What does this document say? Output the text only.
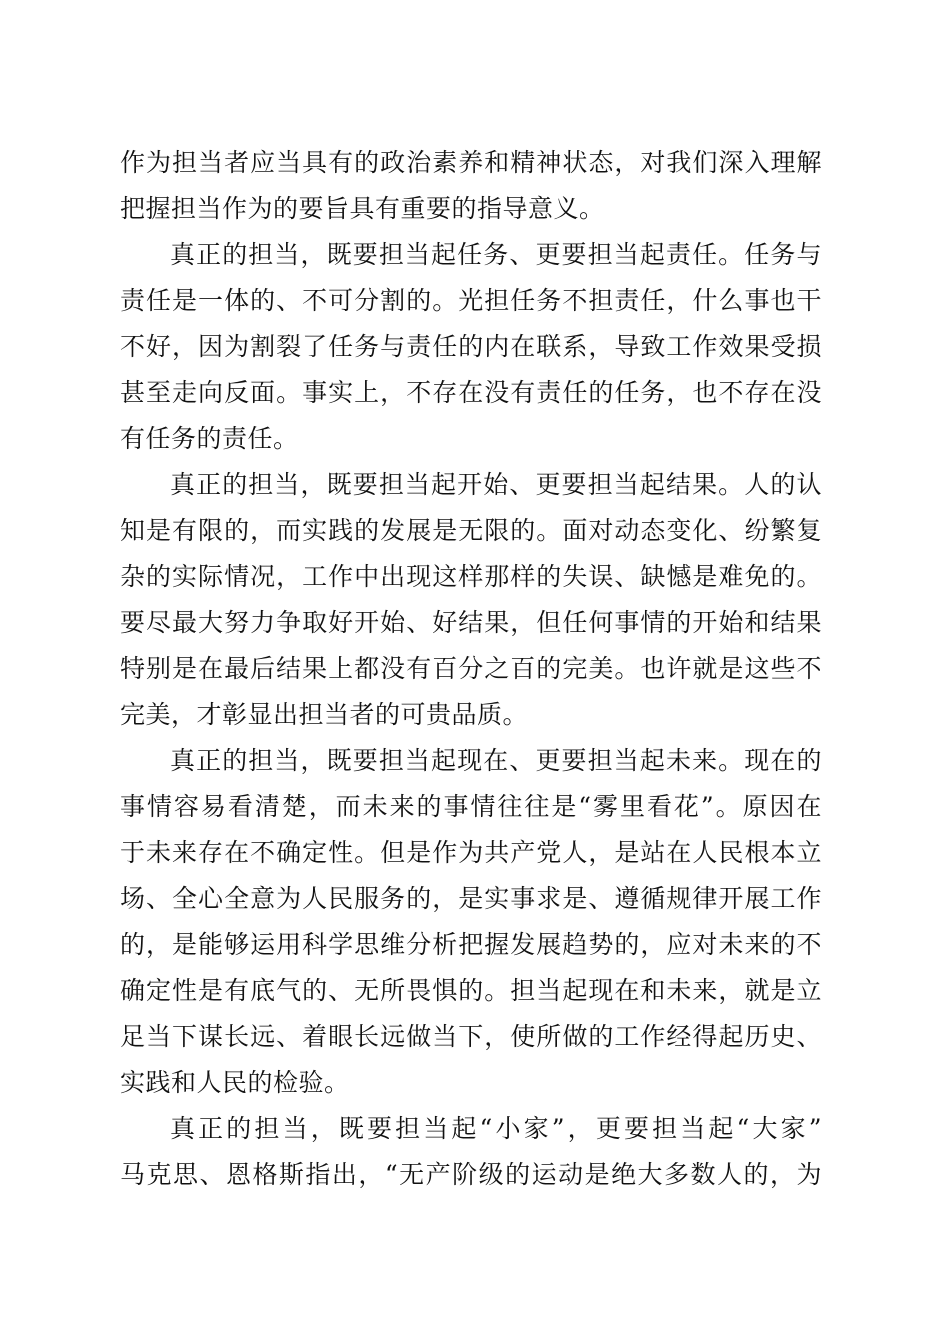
作为担当者应当具有的政治素养和精神状态，对我们深入理解
把握担当作为的要旨具有重要的指导意义。
真正的担当，既要担当起任务、更要担当起责任。任务与
责任是一体的、不可分割的。光担任务不担责任，什么事也干
不好，因为割裂了任务与责任的内在联系，导致工作效果受损
甚至走向反面。事实上，不存在没有责任的任务，也不存在没
有任务的责任。
真正的担当，既要担当起开始、更要担当起结果。人的认
知是有限的，而实践的发展是无限的。面对动态变化、纷繁复
杂的实际情况，工作中出现这样那样的失误、缺憾是难免的。
要尽最大努力争取好开始、好结果，但任何事情的开始和结果
特别是在最后结果上都没有百分之百的完美。也许就是这些不
完美，才彰显出担当者的可贵品质。
真正的担当，既要担当起现在、更要担当起未来。现在的
事情容易看清楚，而未来的事情往往是“雾里看花”。原因在
于未来存在不确定性。但是作为共产党人，是站在人民根本立
场、全心全意为人民服务的，是实事求是、遵循规律开展工作
的，是能够运用科学思维分析把握发展趋势的，应对未来的不
确定性是有底气的、无所畏惧的。担当起现在和未来，就是立
足当下谋长远、着眼长远做当下，使所做的工作经得起历史、
实践和人民的检验。
真正的担当，既要担当起“小家”，更要担当起“大家”
马克思、恩格斯指出，“无产阶级的运动是绝大多数人的，为
